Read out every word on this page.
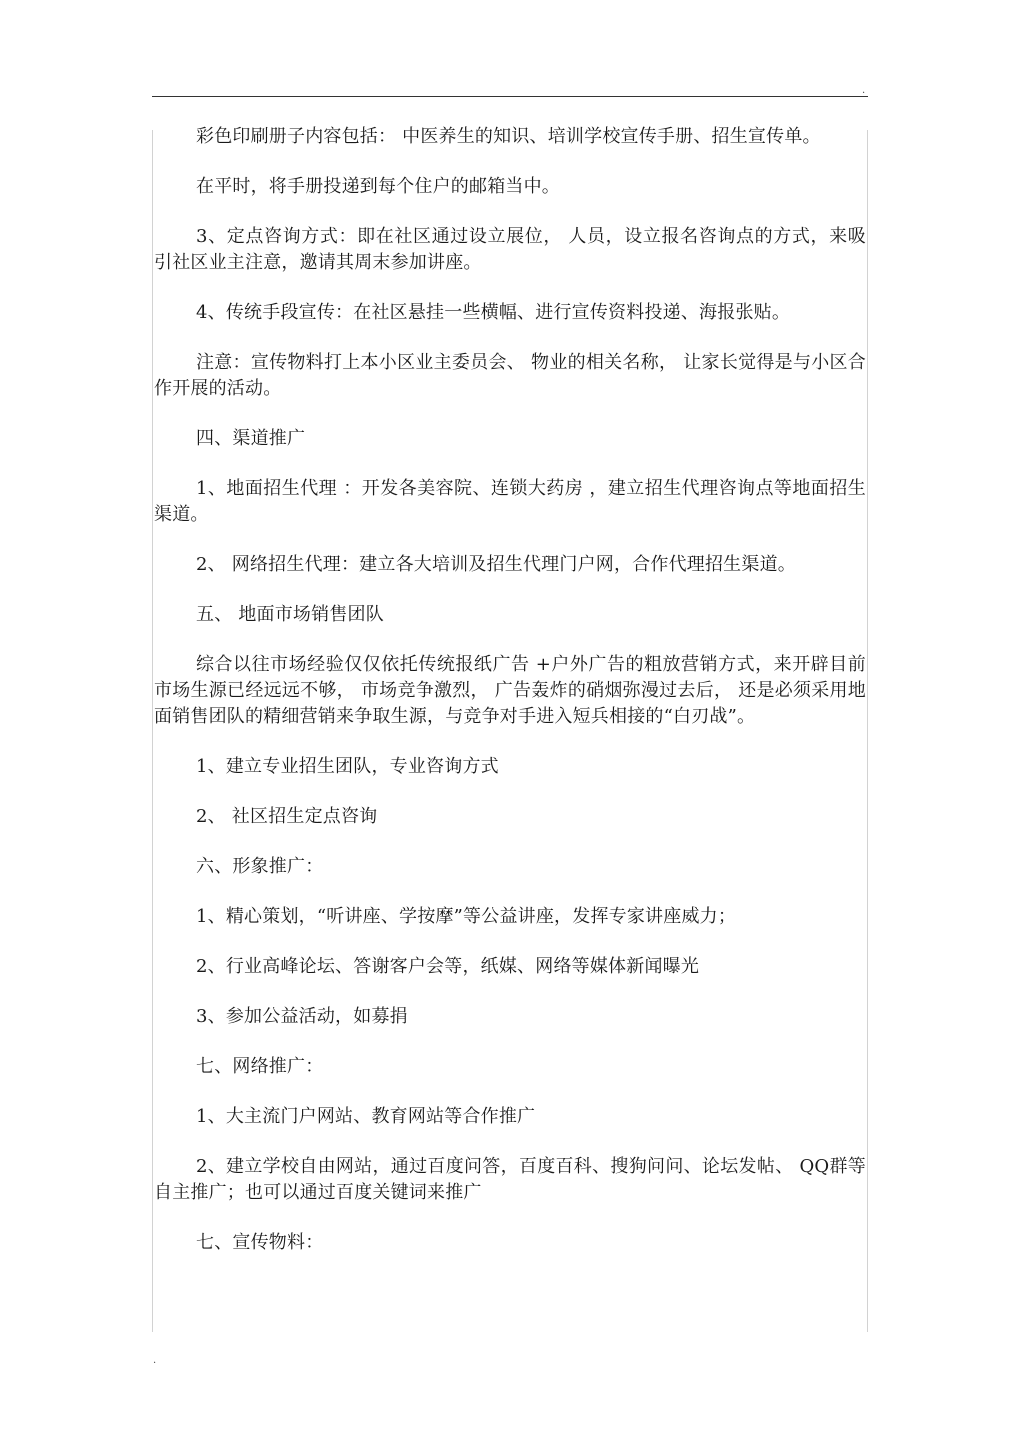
.
.

彩色印刷册子内容包括： 中医养生的知识、培训学校宣传手册、招生宣传单。

在平时，将手册投递到每个住户的邮箱当中。

3、定点咨询方式：即在社区通过设立展位， 人员，设立报名咨询点的方式，来吸引社区业主注意，邀请其周末参加讲座。

4、传统手段宣传：在社区悬挂一些横幅、进行宣传资料投递、海报张贴。

注意：宣传物料打上本小区业主委员会、 物业的相关名称， 让家长觉得是与小区合作开展的活动。

四、渠道推广

1、地面招生代理 ：开发各美容院、连锁大药房 ，建立招生代理咨询点等地面招生渠道。

2、 网络招生代理：建立各大培训及招生代理门户网，合作代理招生渠道。

五、 地面市场销售团队

综合以往市场经验仅仅依托传统报纸广告 +户外广告的粗放营销方式，来开辟目前市场生源已经远远不够， 市场竞争激烈， 广告轰炸的硝烟弥漫过去后， 还是必须采用地面销售团队的精细营销来争取生源，与竞争对手进入短兵相接的“白刃战”。

1、建立专业招生团队，专业咨询方式

2、 社区招生定点咨询

六、形象推广：

1、精心策划，“听讲座、学按摩”等公益讲座，发挥专家讲座威力；

2、行业高峰论坛、答谢客户会等，纸媒、网络等媒体新闻曝光

3、参加公益活动，如募捐

七、网络推广：

1、大主流门户网站、教育网站等合作推广

2、建立学校自由网站，通过百度问答，百度百科、搜狗问问、论坛发帖、 QQ群等自主推广；也可以通过百度关键词来推广

七、宣传物料：
